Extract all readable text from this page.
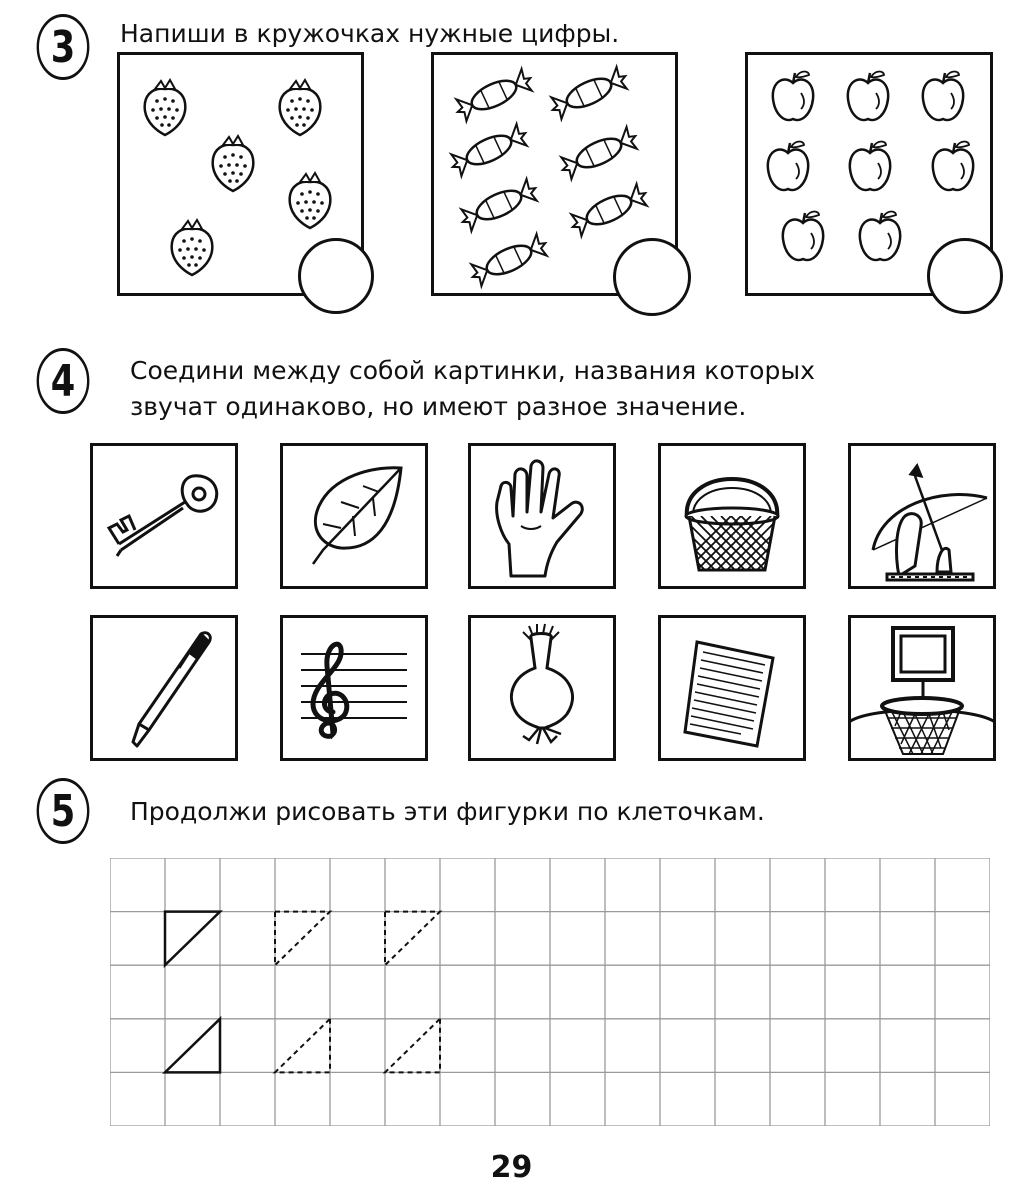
3 Напиши в кружочках нужные цифры.
4 Соедини между собой картинки, названия которых
звучат одинаково, но имеют разное значение.
5 Продолжи рисовать эти фигурки по клеточкам.
29
